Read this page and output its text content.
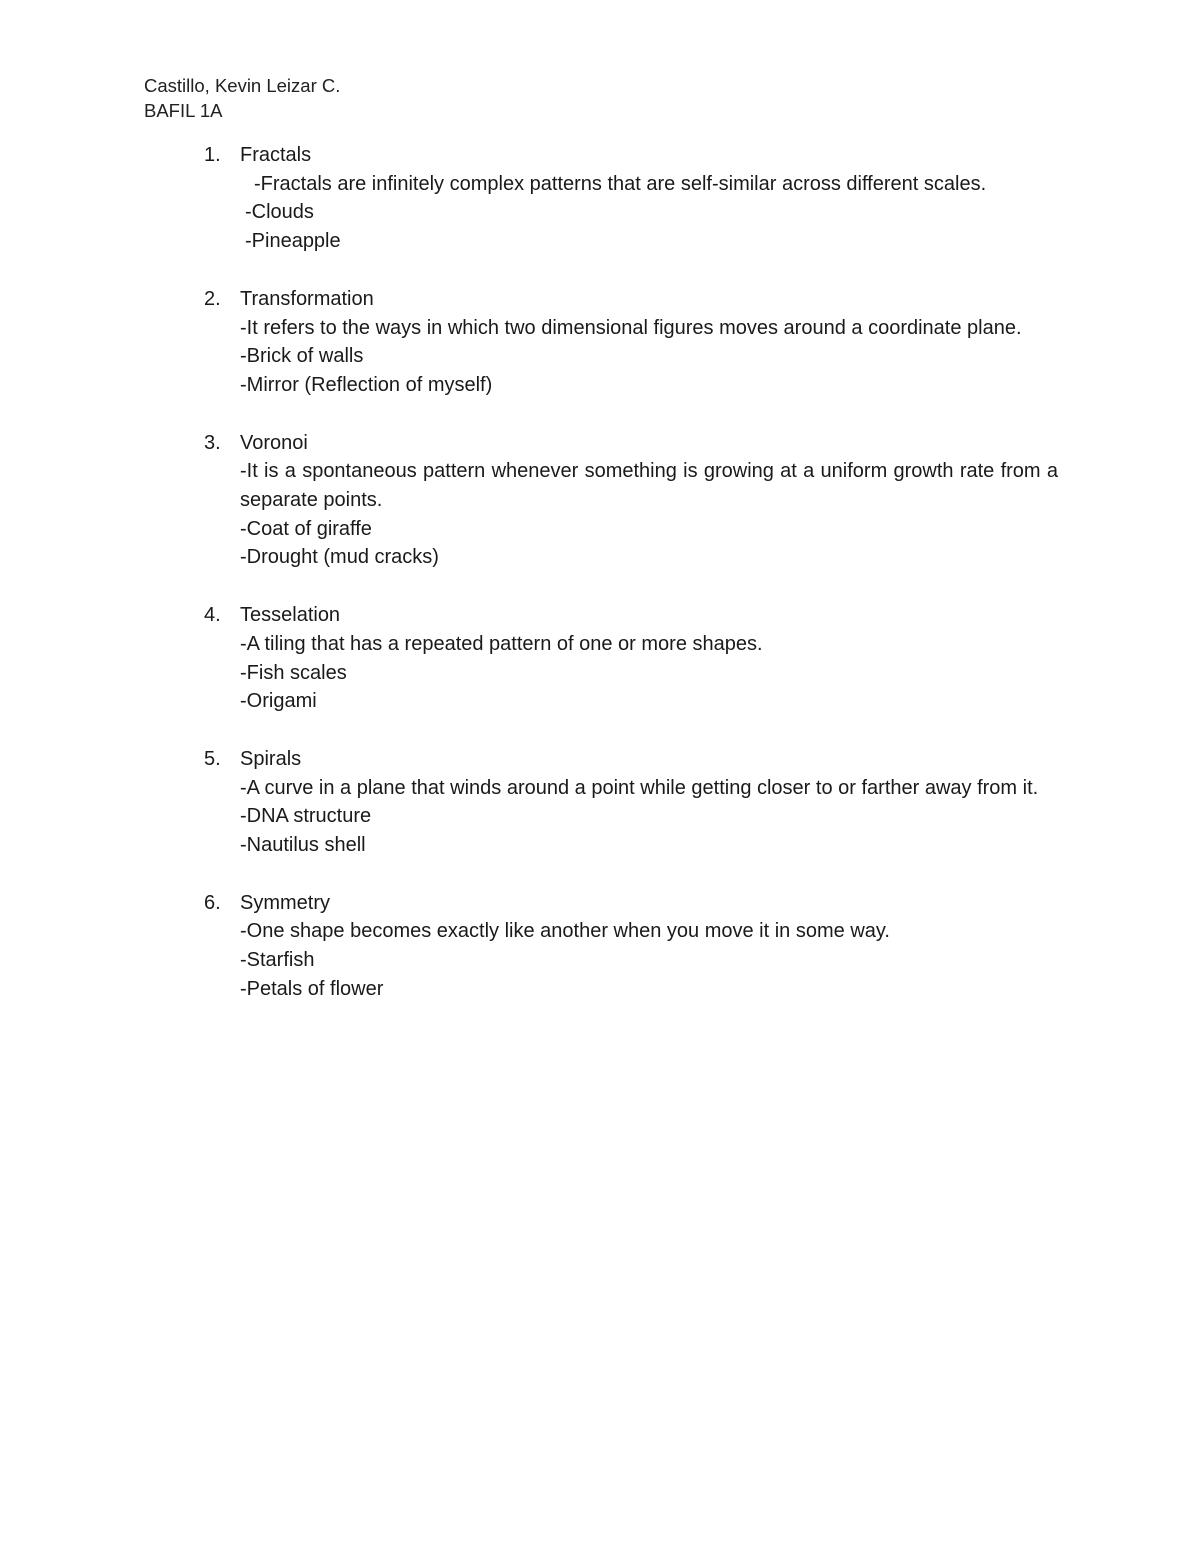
Castillo, Kevin Leizar C.
BAFIL 1A
1. Fractals
-Fractals are infinitely complex patterns that are self-similar across different scales.
-Clouds
-Pineapple
2. Transformation
-It refers to the ways in which two dimensional figures moves around a coordinate plane.
-Brick of walls
-Mirror (Reflection of myself)
3. Voronoi
-It is a spontaneous pattern whenever something is growing at a uniform growth rate from a separate points.
-Coat of giraffe
-Drought (mud cracks)
4. Tesselation
-A tiling that has a repeated pattern of one or more shapes.
-Fish scales
-Origami
5. Spirals
-A curve in a plane that winds around a point while getting closer to or farther away from it.
-DNA structure
-Nautilus shell
6. Symmetry
-One shape becomes exactly like another when you move it in some way.
-Starfish
-Petals of flower
